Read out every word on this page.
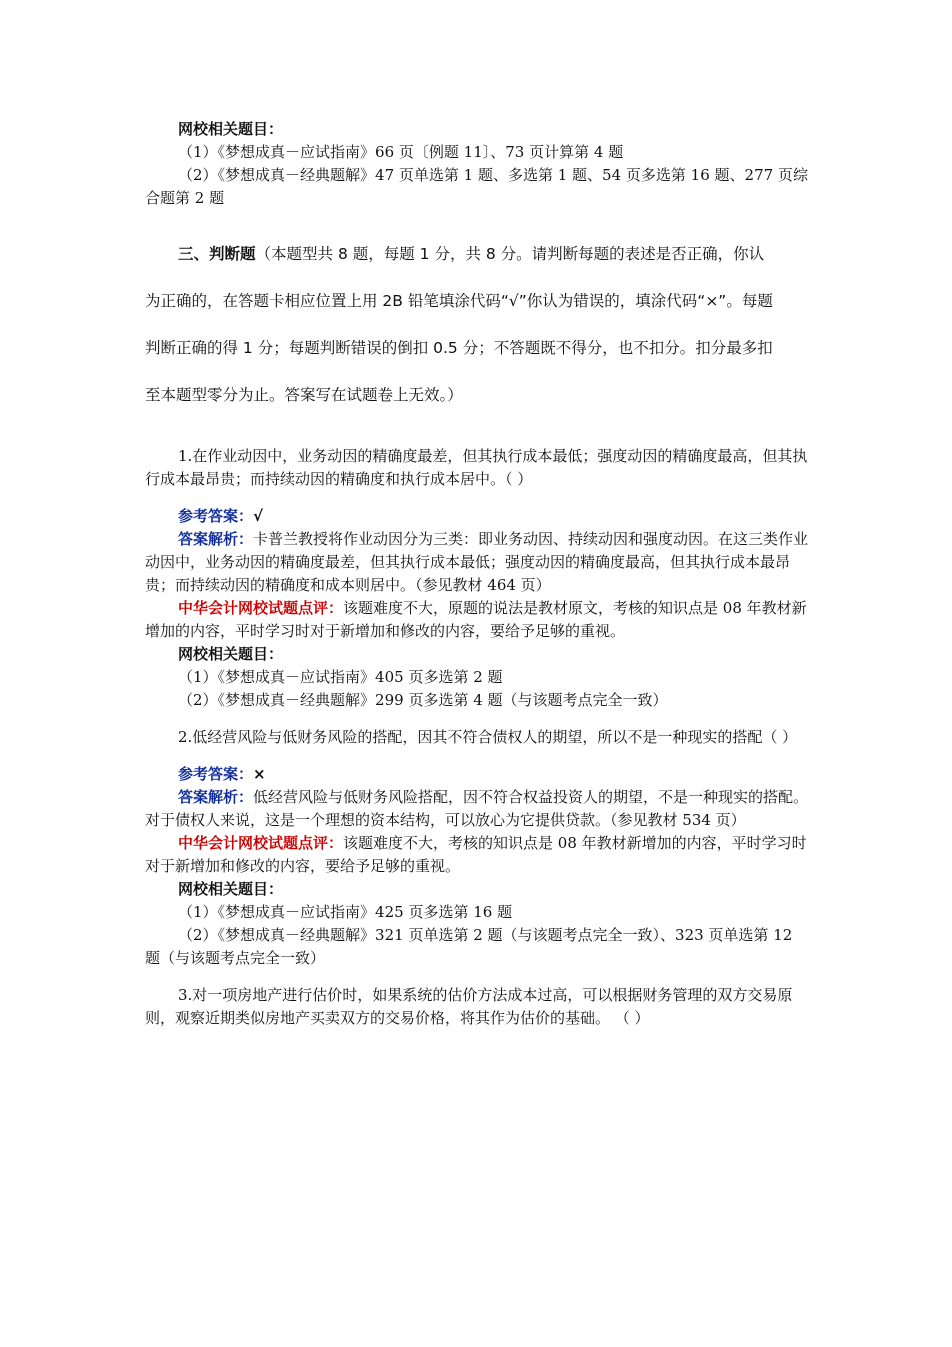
网校相关题目：

（1）《梦想成真－应试指南》66 页〔例题 11〕、73 页计算第 4 题

（2）《梦想成真－经典题解》47 页单选第 1 题、多选第 1 题、54 页多选第 16 题、277 页综合题第 2 题

三、判断题（本题型共 8 题，每题 1 分，共 8 分。请判断每题的表述是否正确，你认

为正确的，在答题卡相应位置上用 2B 铅笔填涂代码“√”你认为错误的，填涂代码“×”。每题

判断正确的得 1 分；每题判断错误的倒扣 0.5 分；不答题既不得分，也不扣分。扣分最多扣

至本题型零分为止。答案写在试题卷上无效。）

1.在作业动因中，业务动因的精确度最差，但其执行成本最低；强度动因的精确度最高，但其执行成本最昂贵；而持续动因的精确度和执行成本居中。（ ）

参考答案：√

答案解析：卡普兰教授将作业动因分为三类：即业务动因、持续动因和强度动因。在这三类作业动因中，业务动因的精确度最差，但其执行成本最低；强度动因的精确度最高，但其执行成本最昂贵；而持续动因的精确度和成本则居中。（参见教材 464 页）

中华会计网校试题点评：该题难度不大，原题的说法是教材原文，考核的知识点是 08 年教材新增加的内容，平时学习时对于新增加和修改的内容，要给予足够的重视。

网校相关题目：

（1）《梦想成真－应试指南》405 页多选第 2 题

（2）《梦想成真－经典题解》299 页多选第 4 题（与该题考点完全一致）

2.低经营风险与低财务风险的搭配，因其不符合债权人的期望，所以不是一种现实的搭配（ ）

参考答案：×

答案解析：低经营风险与低财务风险搭配，因不符合权益投资人的期望，不是一种现实的搭配。对于债权人来说，这是一个理想的资本结构，可以放心为它提供贷款。（参见教材 534 页）

中华会计网校试题点评：该题难度不大，考核的知识点是 08 年教材新增加的内容，平时学习时对于新增加和修改的内容，要给予足够的重视。

网校相关题目：

（1）《梦想成真－应试指南》425 页多选第 16 题

（2）《梦想成真－经典题解》321 页单选第 2 题（与该题考点完全一致）、323 页单选第 12 题（与该题考点完全一致）

3.对一项房地产进行估价时，如果系统的估价方法成本过高，可以根据财务管理的双方交易原则，观察近期类似房地产买卖双方的交易价格，将其作为估价的基础。 （ ）
